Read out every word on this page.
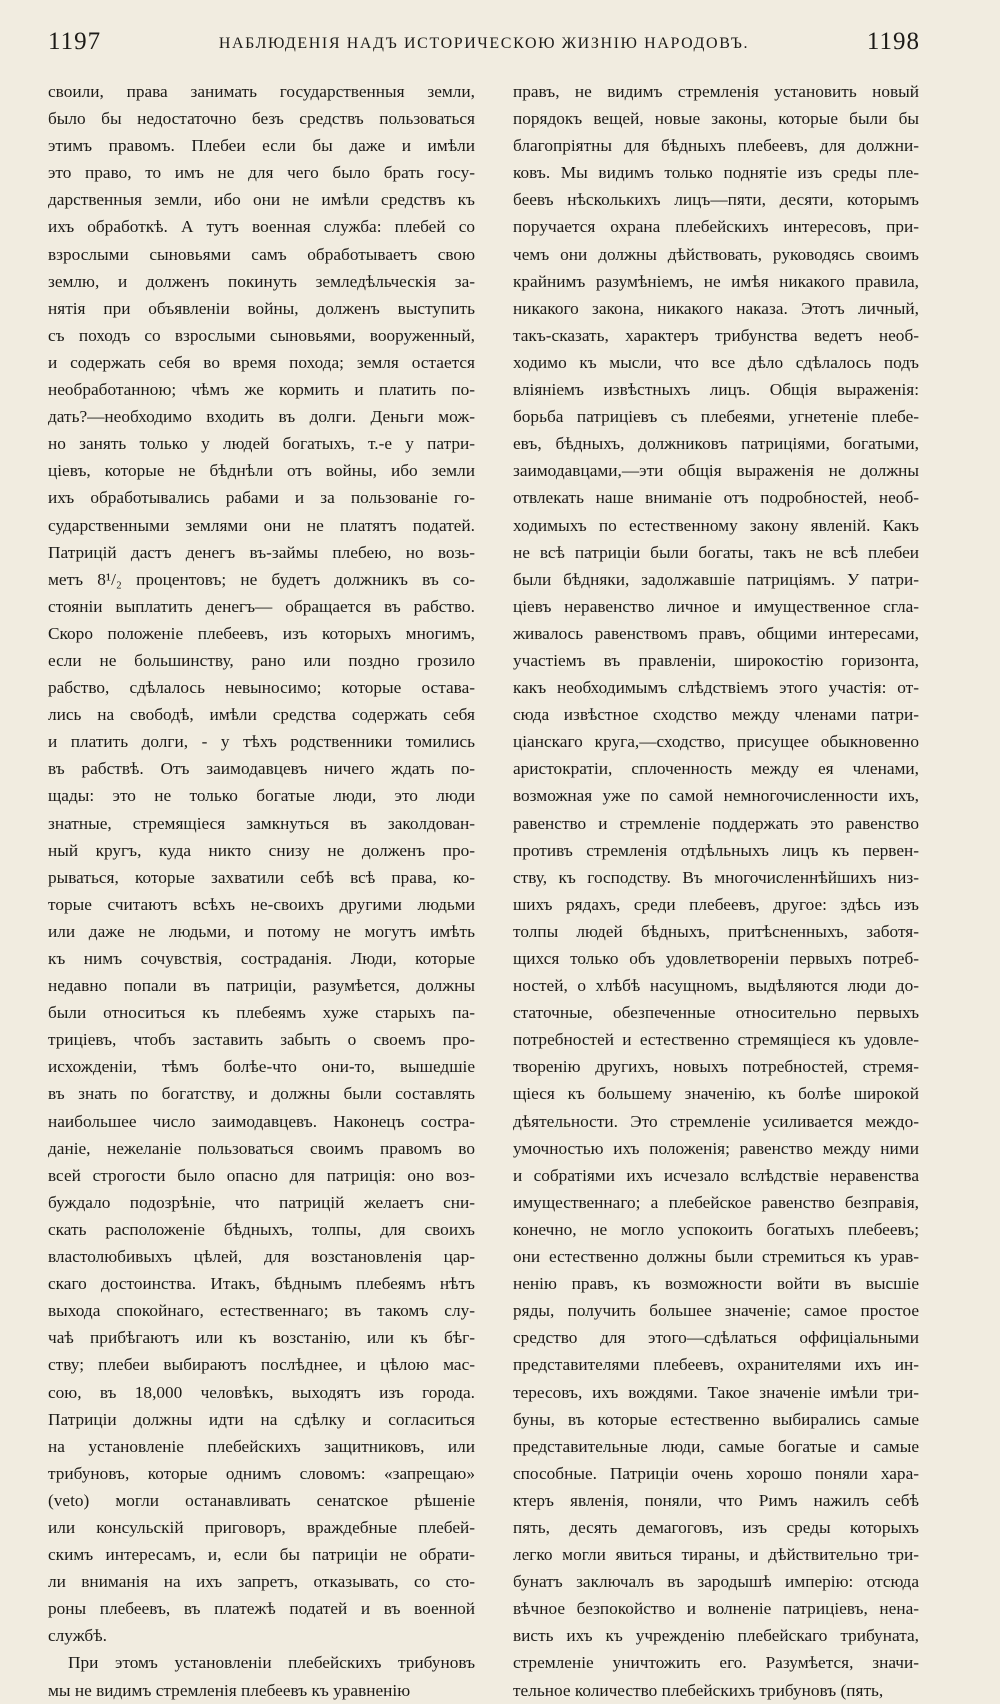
1197	НАБЛЮДЕНІЯ НАДЪ ИСТОРИЧЕСКОЮ ЖИЗНІЮ НАРОДОВЪ.	1198

своили, права занимать государственныя земли,

было бы недостаточно безъ средствъ пользоваться

этимъ правомъ. Плебеи если бы даже и имѣли

это право, то имъ не для чего было брать госу-

дарственныя земли, ибо они не имѣли средствъ къ

ихъ обработкѣ. А тутъ военная служба: плебей со

взрослыми сыновьями самъ обработываетъ свою

землю, и долженъ покинуть земледѣльческія за-

нятія при объявленіи войны, долженъ выступить

съ походъ со взрослыми сыновьями, вооруженный,

и содержать себя во время похода; земля остается

необработанною; чѣмъ же кормить и платить по-

дать?—необходимо входить въ долги. Деньги мож-

но занять только у людей богатыхъ, т.-е у патри-

ціевъ, которые не бѣднѣли отъ войны, ибо земли

ихъ обработывались рабами и за пользованіе го-

сударственными землями они не платятъ податей.

Патрицій дастъ денегъ въ-займы плебею, но возь-

метъ 8¹/₂ процентовъ; не будетъ должникъ въ со-

стояніи выплатить денегъ— обращается въ рабство.

Скоро положеніе плебеевъ, изъ которыхъ многимъ,

если не большинству, рано или поздно грозило

рабство, сдѣлалось невыносимо; которые остава-

лись на свободѣ, имѣли средства содержать себя

и платить долги, - у тѣхъ родственники томились

въ рабствѣ. Отъ заимодавцевъ ничего ждать по-

щады: это не только богатые люди, это люди

знатные, стремящіеся замкнуться въ заколдован-

ный кругъ, куда никто снизу не долженъ про-

рываться, которые захватили себѣ всѣ права, ко-

торые считаютъ всѣхъ не-своихъ другими людьми

или даже не людьми, и потому не могутъ имѣть

къ нимъ сочувствія, состраданія. Люди, которые

недавно попали въ патриціи, разумѣется, должны

были относиться къ плебеямъ хуже старыхъ па-

триціевъ, чтобъ заставить забыть о своемъ про-

исхожденіи, тѣмъ болѣе-что они-то, вышедшіе

въ знать по богатству, и должны были составлять

наибольшее число заимодавцевъ. Наконецъ состра-

даніе, нежеланіе пользоваться своимъ правомъ во

всей строгости было опасно для патриція: оно воз-

буждало подозрѣніе, что патрицій желаетъ сни-

скать расположеніе бѣдныхъ, толпы, для своихъ

властолюбивыхъ цѣлей, для возстановленія цар-

скаго достоинства. Итакъ, бѣднымъ плебеямъ нѣтъ

выхода спокойнаго, естественнаго; въ такомъ слу-

чаѣ прибѣгаютъ или къ возстанію, или къ бѣг-

ству; плебеи выбираютъ послѣднее, и цѣлою мас-

сою, въ 18,000 человѣкъ, выходятъ изъ города.

Патриціи должны идти на сдѣлку и согласиться

на установленіе плебейскихъ защитниковъ, или

трибуновъ, которые однимъ словомъ: «запрещаю»

(veto) могли останавливать сенатское рѣшеніе

или консульскій приговоръ, враждебные плебей-

скимъ интересамъ, и, если бы патриціи не обрати-

ли вниманія на ихъ запретъ, отказывать, со сто-

роны плебеевъ, въ платежѣ податей и въ военной

службѣ.

При этомъ установленіи плебейскихъ трибуновъ

мы не видимъ стремленія плебеевъ къ уравненію

правъ, не видимъ стремленія установить новый

порядокъ вещей, новые законы, которые были бы

благопріятны для бѣдныхъ плебеевъ, для должни-

ковъ. Мы видимъ только поднятіе изъ среды пле-

беевъ нѣсколькихъ лицъ—пяти, десяти, которымъ

поручается охрана плебейскихъ интересовъ, при-

чемъ они должны дѣйствовать, руководясь своимъ

крайнимъ разумѣніемъ, не имѣя никакого правила,

никакого закона, никакого наказа. Этотъ личный,

такъ-сказать, характеръ трибунства ведетъ необ-

ходимо къ мысли, что все дѣло сдѣлалось подъ

вліяніемъ извѣстныхъ лицъ. Общія выраженія:

борьба патриціевъ съ плебеями, угнетеніе плебе-

евъ, бѣдныхъ, должниковъ патриціями, богатыми,

заимодавцами,—эти общія выраженія не должны

отвлекать наше вниманіе отъ подробностей, необ-

ходимыхъ по естественному закону явленій. Какъ

не всѣ патриціи были богаты, такъ не всѣ плебеи

были бѣдняки, задолжавшіе патриціямъ. У патри-

ціевъ неравенство личное и имущественное сгла-

живалось равенствомъ правъ, общими интересами,

участіемъ въ правленіи, широкостію горизонта,

какъ необходимымъ слѣдствіемъ этого участія: от-

сюда извѣстное сходство между членами патри-

ціанскаго круга,—сходство, присущее обыкновенно

аристократіи, сплоченность между ея членами,

возможная уже по самой немногочисленности ихъ,

равенство и стремленіе поддержать это равенство

противъ стремленія отдѣльныхъ лицъ къ первен-

ству, къ господству. Въ многочисленнѣйшихъ низ-

шихъ рядахъ, среди плебеевъ, другое: здѣсь изъ

толпы людей бѣдныхъ, притѣсненныхъ, заботя-

щихся только объ удовлетвореніи первыхъ потреб-

ностей, о хлѣбѣ насущномъ, выдѣляются люди до-

статочные, обезпеченные относительно первыхъ

потребностей и естественно стремящіеся къ удовле-

творенію другихъ, новыхъ потребностей, стремя-

щіеся къ большему значенію, къ болѣе широкой

дѣятельности. Это стремленіе усиливается междо-

умочностью ихъ положенія; равенство между ними

и собратіями ихъ исчезало вслѣдствіе неравенства

имущественнаго; а плебейское равенство безправія,

конечно, не могло успокоить богатыхъ плебеевъ;

они естественно должны были стремиться къ урав-

ненію правъ, къ возможности войти въ высшіе

ряды, получить большее значеніе; самое простое

средство для этого—сдѣлаться оффиціальными

представителями плебеевъ, охранителями ихъ ин-

тересовъ, ихъ вождями. Такое значеніе имѣли три-

буны, въ которые естественно выбирались самые

представительные люди, самые богатые и самые

способные. Патриціи очень хорошо поняли хара-

ктеръ явленія, поняли, что Римъ нажилъ себѣ

пять, десять демагоговъ, изъ среды которыхъ

легко могли явиться тираны, и дѣйствительно три-

бунатъ заключалъ въ зародышѣ имперію: отсюда

вѣчное безпокойство и волненіе патриціевъ, нена-

висть ихъ къ учрежденію плебейскаго трибуната,

стремленіе уничтожить его. Разумѣется, значи-

тельное количество плебейскихъ трибуновъ (пять,
